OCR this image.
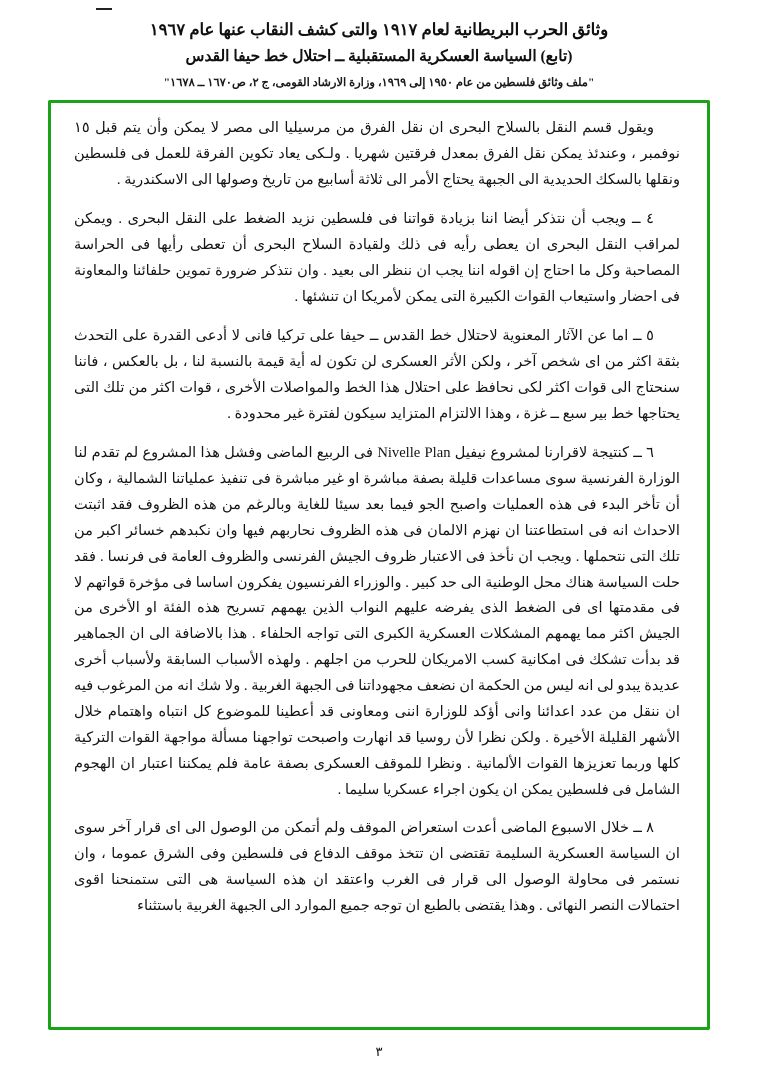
وثائق الحرب البريطانية لعام ١٩١٧ والتى كشف النقاب عنها عام ١٩٦٧
(تابع) السياسة العسكرية المستقبلية ــ احتلال خط حيفا القدس
"ملف وثائق فلسطين من عام ١٩٥٠ إلى ١٩٦٩، وزارة الارشاد القومى، ج ٢، ص١٦٧٠ ــ ١٦٧٨"

ويقول قسم النقل بالسلاح البحرى ان نقل الفرق من مرسيليا الى مصر لا يمكن وأن يتم قبل ١٥ نوفمبر ، وعندئذ يمكن نقل الفرق بمعدل فرقتين شهريا . ولـكى يعاد تكوين الفرقة للعمل فى فلسطين ونقلها بالسكك الحديدية الى الجبهة يحتاج الأمر الى ثلاثة أسابيع من تاريخ وصولها الى الاسكندرية .

٤ ــ ويجب أن نتذكر أيضا اننا بزيادة قواتنا فى فلسطين نزيد الضغط على النقل البحرى . ويمكن لمراقب النقل البحرى ان يعطى رأيه فى ذلك ولقيادة السلاح البحرى أن تعطى رأيها فى الحراسة المصاحبة وكل ما احتاج إن اقوله اننا يجب ان ننظر الى بعيد . وان نتذكر ضرورة تموين حلفائنا والمعاونة فى احضار واستيعاب القوات الكبيرة التى يمكن لأمريكا ان تنشئها .

٥ ــ اما عن الآثار المعنوية لاحتلال خط القدس ــ حيفا على تركيا فانى لا أدعى القدرة على التحدث بثقة اكثر من اى شخص آخر ، ولكن الأثر العسكرى لن تكون له أية قيمة بالنسبة لنا ، بل بالعكس ، فاننا سنحتاج الى قوات اكثر لكى نحافظ على احتلال هذا الخط والمواصلات الأخرى ، قوات اكثر من تلك التى يحتاجها خط بير سبع ــ غزة ، وهذا الالتزام المتزايد سيكون لفترة غير محدودة .

٦ ــ كنتيجة لاقرارنا لمشروع نيفيل Nivelle Plan فى الربيع الماضى وفشل هذا المشروع لم تقدم لنا الوزارة الفرنسية سوى مساعدات قليلة بصفة مباشرة او غير مباشرة فى تنفيذ عملياتنا الشمالية ، وكان أن تأخر البدء فى هذه العمليات واصبح الجو فيما بعد سيئا للغاية وبالرغم من هذه الظروف فقد اثبتت الاحداث انه فى استطاعتنا ان نهزم الالمان فى هذه الظروف نحاربهم فيها وان نكبدهم خسائر اكبر من تلك التى نتحملها . ويجب ان نأخذ فى الاعتبار ظروف الجيش الفرنسى والظروف العامة فى فرنسا . فقد حلت السياسة هناك محل الوطنية الى حد كبير . والوزراء الفرنسيون يفكرون اساسا فى مؤخرة قواتهم لا فى مقدمتها اى فى الضغط الذى يفرضه عليهم النواب الذين يهمهم تسريح هذه الفئة او الأخرى من الجيش اكثر مما يهمهم المشكلات العسكرية الكبرى التى تواجه الحلفاء . هذا بالاضافة الى ان الجماهير قد بدأت تشكك فى امكانية كسب الامريكان للحرب من اجلهم . ولهذه الأسباب السابقة ولأسباب أخرى عديدة يبدو لى انه ليس من الحكمة ان نضعف مجهوداتنا فى الجبهة الغربية . ولا شك انه من المرغوب فيه ان ننقل من عدد اعدائنا وانى أؤكد للوزارة اننى ومعاونى قد أعطينا للموضوع كل انتباه واهتمام خلال الأشهر القليلة الأخيرة . ولكن نظرا لأن روسيا قد انهارت واصبحت تواجهنا مسألة مواجهة القوات التركية كلها وربما تعزيزها القوات الألمانية . ونظرا للموقف العسكرى بصفة عامة فلم يمكننا اعتبار ان الهجوم الشامل فى فلسطين يمكن ان يكون اجراء عسكريا سليما .

٨ ــ خلال الاسبوع الماضى أعدت استعراض الموقف ولم أتمكن من الوصول الى اى قرار آخر سوى ان السياسة العسكرية السليمة تقتضى ان تتخذ موقف الدفاع فى فلسطين وفى الشرق عموما ، وان نستمر فى محاولة الوصول الى قرار فى الغرب واعتقد ان هذه السياسة هى التى ستمنحنا اقوى احتمالات النصر النهائى . وهذا يقتضى بالطبع ان توجه جميع الموارد الى الجبهة الغربية باستثناء

٣
